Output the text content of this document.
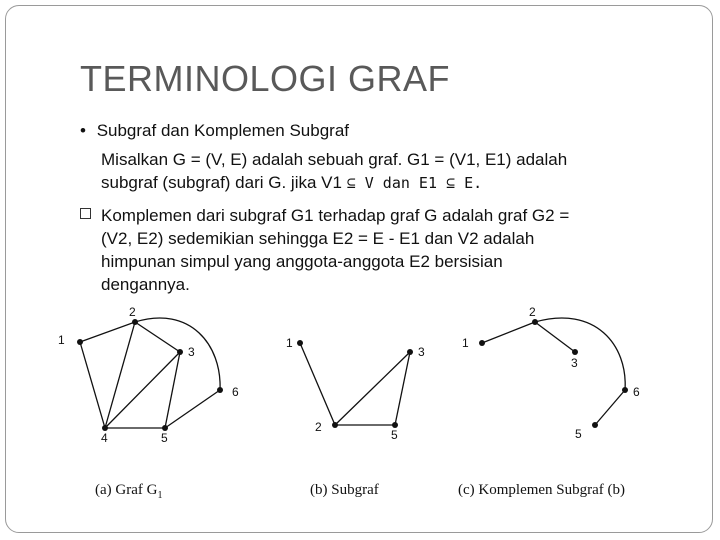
TERMINOLOGI GRAF
• Subgraf dan Komplemen Subgraf
Misalkan G = (V, E) adalah sebuah graf. G1 = (V1, E1) adalah
subgraf (subgraf) dari G. jika V1 ⊆ V dan E1 ⊆ E.
Komplemen dari subgraf G1 terhadap graf G adalah graf G2 =
(V2, E2) sedemikian sehingga E2 = E - E1 dan V2 adalah
himpunan simpul yang anggota-anggota E2 bersisian
dengannya.
1
2
3
4	5
6
1
2
3
5
1
2
3
5
6
(a) Graf $G_1$	(b) Subgraf	(c) Komplemen Subgraf (b)
